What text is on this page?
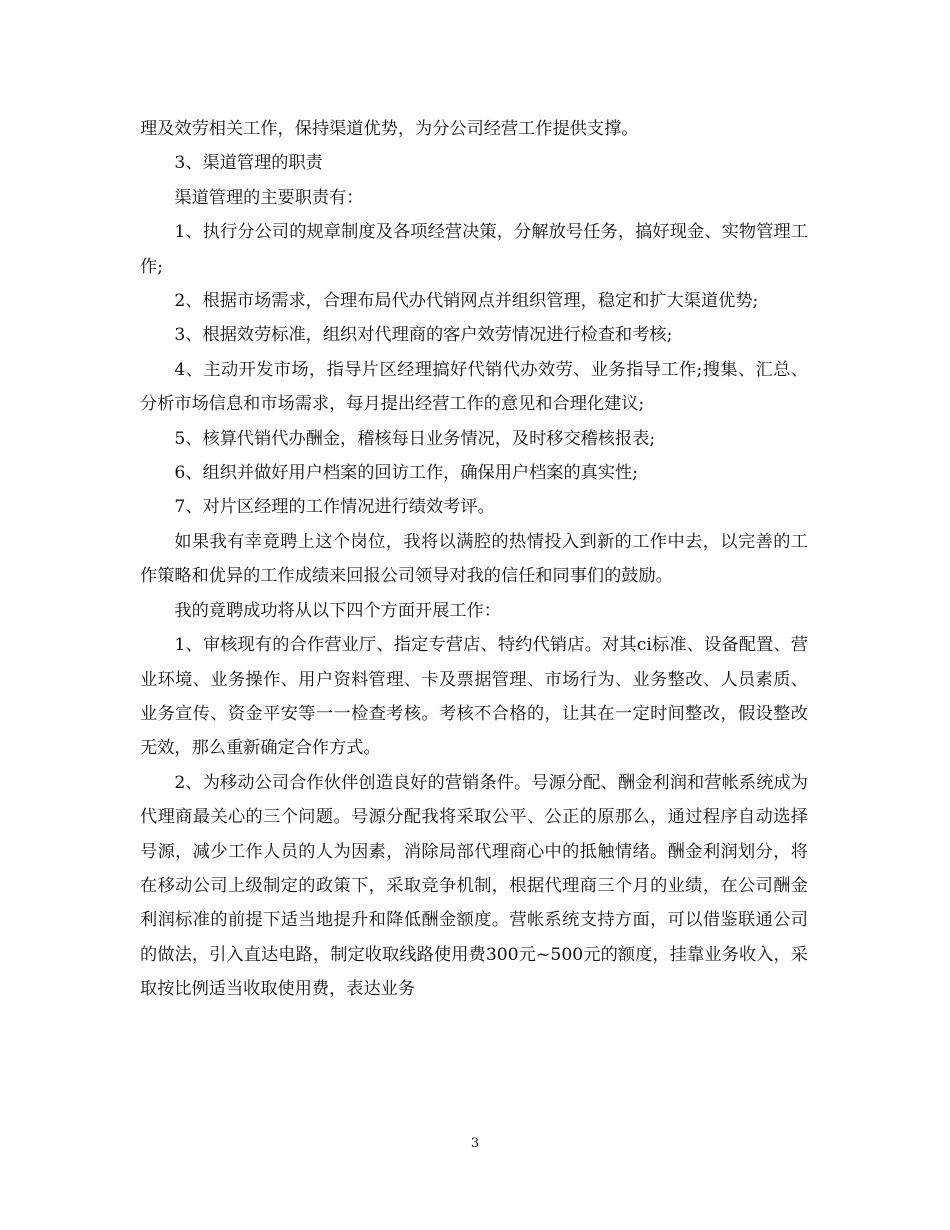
理及效劳相关工作，保持渠道优势，为分公司经营工作提供支撑。

3、渠道管理的职责

渠道管理的主要职责有：

1、执行分公司的规章制度及各项经营决策，分解放号任务，搞好现金、实物管理工作;

2、根据市场需求，合理布局代办代销网点并组织管理，稳定和扩大渠道优势;

3、根据效劳标准，组织对代理商的客户效劳情况进行检查和考核;

4、主动开发市场，指导片区经理搞好代销代办效劳、业务指导工作;搜集、汇总、分析市场信息和市场需求，每月提出经营工作的意见和合理化建议;

5、核算代销代办酬金，稽核每日业务情况，及时移交稽核报表;

6、组织并做好用户档案的回访工作，确保用户档案的真实性;

7、对片区经理的工作情况进行绩效考评。

如果我有幸竟聘上这个岗位，我将以满腔的热情投入到新的工作中去，以完善的工作策略和优异的工作成绩来回报公司领导对我的信任和同事们的鼓励。

我的竟聘成功将从以下四个方面开展工作：

1、审核现有的合作营业厅、指定专营店、特约代销店。对其ci标准、设备配置、营业环境、业务操作、用户资料管理、卡及票据管理、市场行为、业务整改、人员素质、业务宣传、资金平安等一一检查考核。考核不合格的，让其在一定时间整改，假设整改无效，那么重新确定合作方式。

2、为移动公司合作伙伴创造良好的营销条件。号源分配、酬金利润和营帐系统成为代理商最关心的三个问题。号源分配我将采取公平、公正的原那么，通过程序自动选择号源，减少工作人员的人为因素，消除局部代理商心中的抵触情绪。酬金利润划分，将在移动公司上级制定的政策下，采取竞争机制，根据代理商三个月的业绩，在公司酬金利润标准的前提下适当地提升和降低酬金额度。营帐系统支持方面，可以借鉴联通公司的做法，引入直达电路，制定收取线路使用费300元~500元的额度，挂靠业务收入，采取按比例适当收取使用费，表达业务

3
